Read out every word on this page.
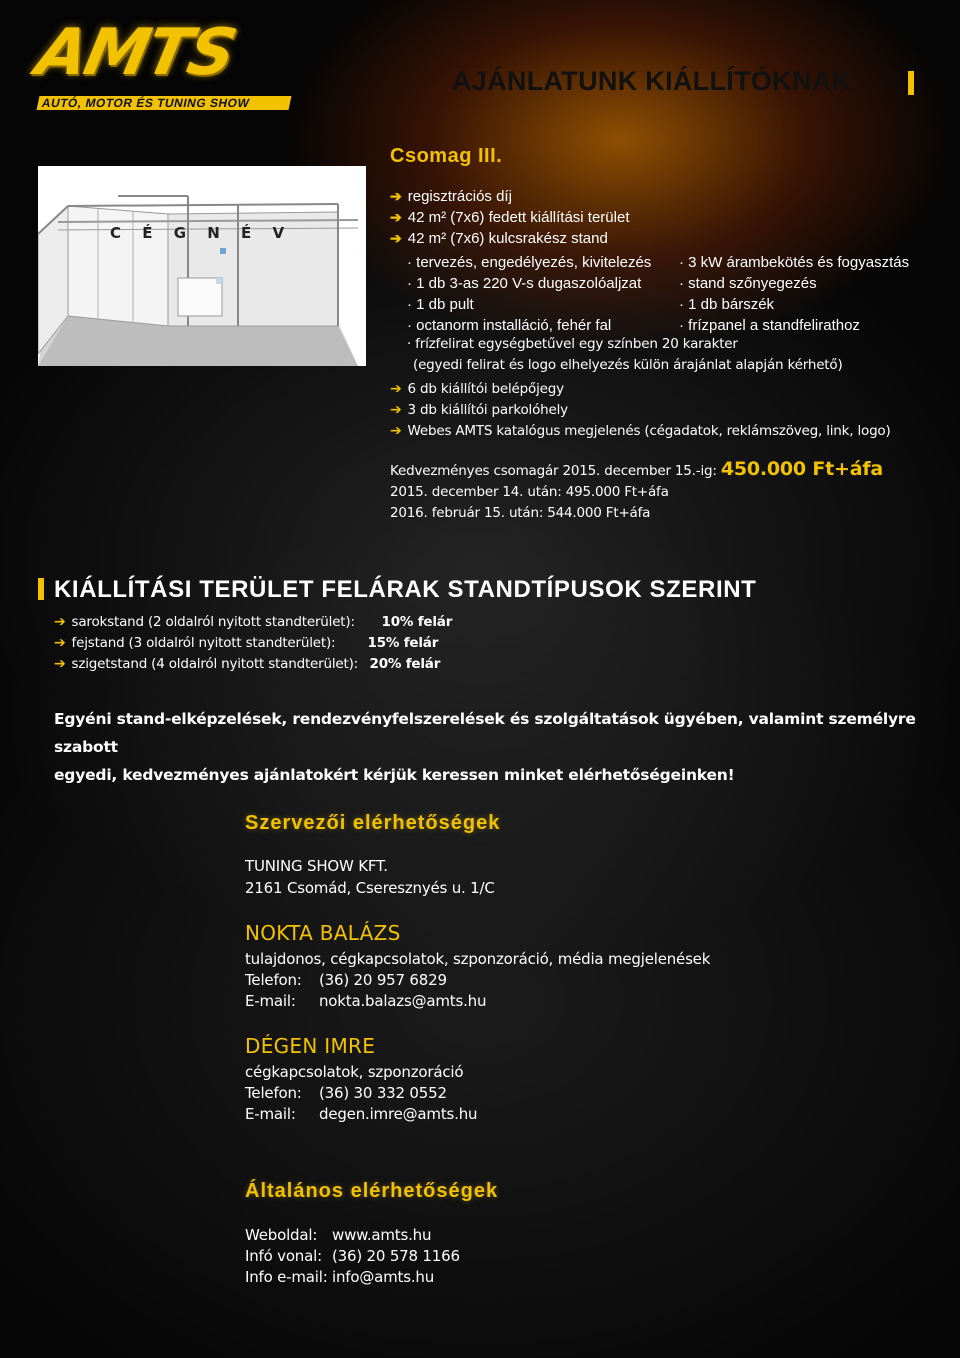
AMTS
AUTÓ, MOTOR ÉS TUNING SHOW
AJÁNLATUNK KIÁLLÍTÓKNAK
Csomag III.
C É G N É V
➔ regisztrációs díj
➔ 42 m² (7x6) fedett kiállítási terület
➔ 42 m² (7x6) kulcsrakész stand
· tervezés, engedélyezés, kivitelezés · 3 kW árambekötés és fogyasztás
· 1 db 3-as 220 V-s dugaszolóaljzat	· stand szőnyegezés
· 1 db pult	· 1 db bárszék
· octanorm installáció, fehér fal	· frízpanel a standfelirathoz
· frízfelirat egységbetűvel egy színben 20 karakter
(egyedi felirat és logo elhelyezés külön árajánlat alapján kérhető)
➔ 6 db kiállítói belépőjegy
➔ 3 db kiállítói parkolóhely
➔ Webes AMTS katalógus megjelenés (cégadatok, reklámszöveg, link, logo)
Kedvezményes csomagár 2015. december 15.-ig: 450.000 Ft+áfa
2015. december 14. után: 495.000 Ft+áfa
2016. február 15. után: 544.000 Ft+áfa
KIÁLLÍTÁSI TERÜLET FELÁRAK STANDTÍPUSOK SZERINT
➔ sarokstand (2 oldalról nyitott standterület): 10% felár
➔ fejstand (3 oldalról nyitott standterület): 15% felár
➔ szigetstand (4 oldalról nyitott standterület): 20% felár
Egyéni stand-elképzelések, rendezvényfelszerelések és szolgáltatások ügyében, valamint személyre szabott
egyedi, kedvezményes ajánlatokért kérjük keressen minket elérhetőségeinken!
Szervezői elérhetőségek
TUNING SHOW KFT.
2161 Csomád, Cseresznyés u. 1/C
NOKTA BALÁZS
tulajdonos, cégkapcsolatok, szponzoráció, média megjelenések
Telefon: (36) 20 957 6829
E-mail: nokta.balazs@amts.hu
DÉGEN IMRE
cégkapcsolatok, szponzoráció
Telefon: (36) 30 332 0552
E-mail: degen.imre@amts.hu
Általános elérhetőségek
Weboldal: www.amts.hu
Infó vonal: (36) 20 578 1166
Info e-mail: info@amts.hu
